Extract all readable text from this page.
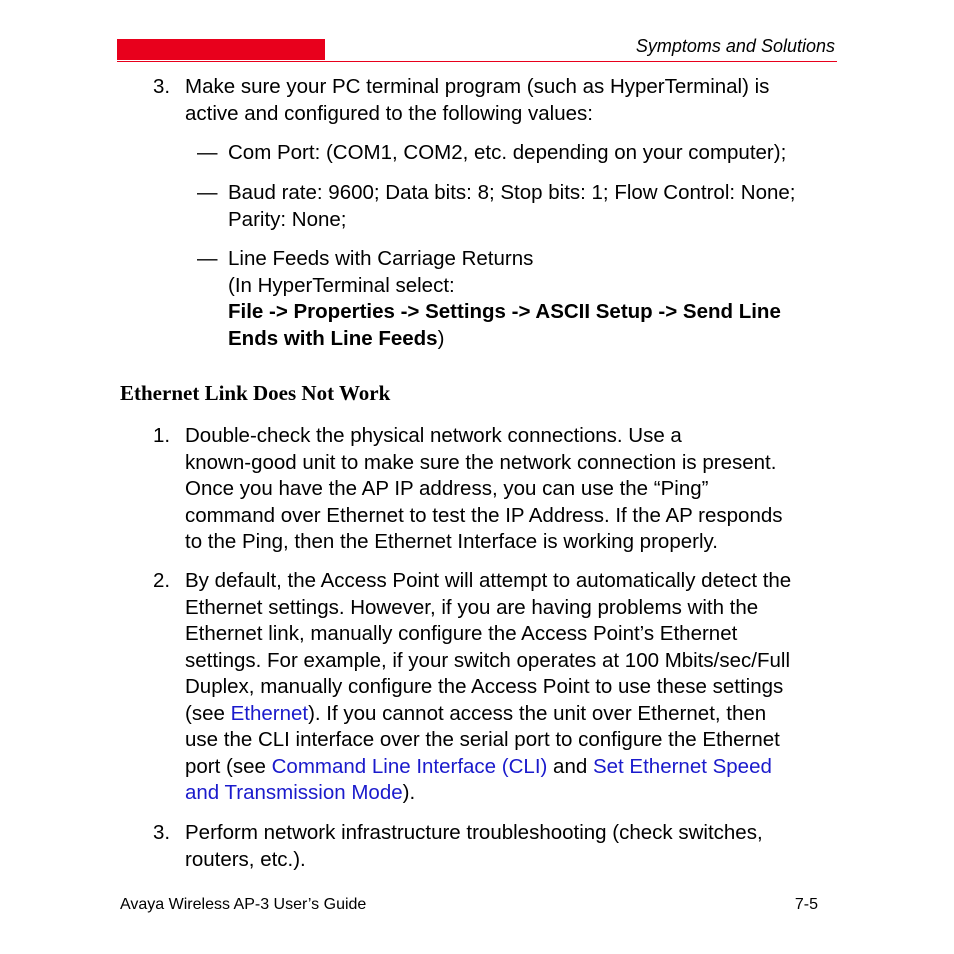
Symptoms and Solutions
3. Make sure your PC terminal program (such as HyperTerminal) is
active and configured to the following values:
— Com Port: (COM1, COM2, etc. depending on your computer);
— Baud rate: 9600; Data bits: 8; Stop bits: 1; Flow Control: None;
Parity: None;
— Line Feeds with Carriage Returns
(In HyperTerminal select:
File -> Properties -> Settings -> ASCII Setup -> Send Line
Ends with Line Feeds)
Ethernet Link Does Not Work
1. Double-check the physical network connections. Use a
known-good unit to make sure the network connection is present.
Once you have the AP IP address, you can use the “Ping”
command over Ethernet to test the IP Address. If the AP responds
to the Ping, then the Ethernet Interface is working properly.
2. By default, the Access Point will attempt to automatically detect the
Ethernet settings. However, if you are having problems with the
Ethernet link, manually configure the Access Point’s Ethernet
settings. For example, if your switch operates at 100 Mbits/sec/Full
Duplex, manually configure the Access Point to use these settings
(see Ethernet). If you cannot access the unit over Ethernet, then
use the CLI interface over the serial port to configure the Ethernet
port (see Command Line Interface (CLI) and Set Ethernet Speed
and Transmission Mode).
3. Perform network infrastructure troubleshooting (check switches,
routers, etc.).
Avaya Wireless AP-3 User’s Guide	7-5
